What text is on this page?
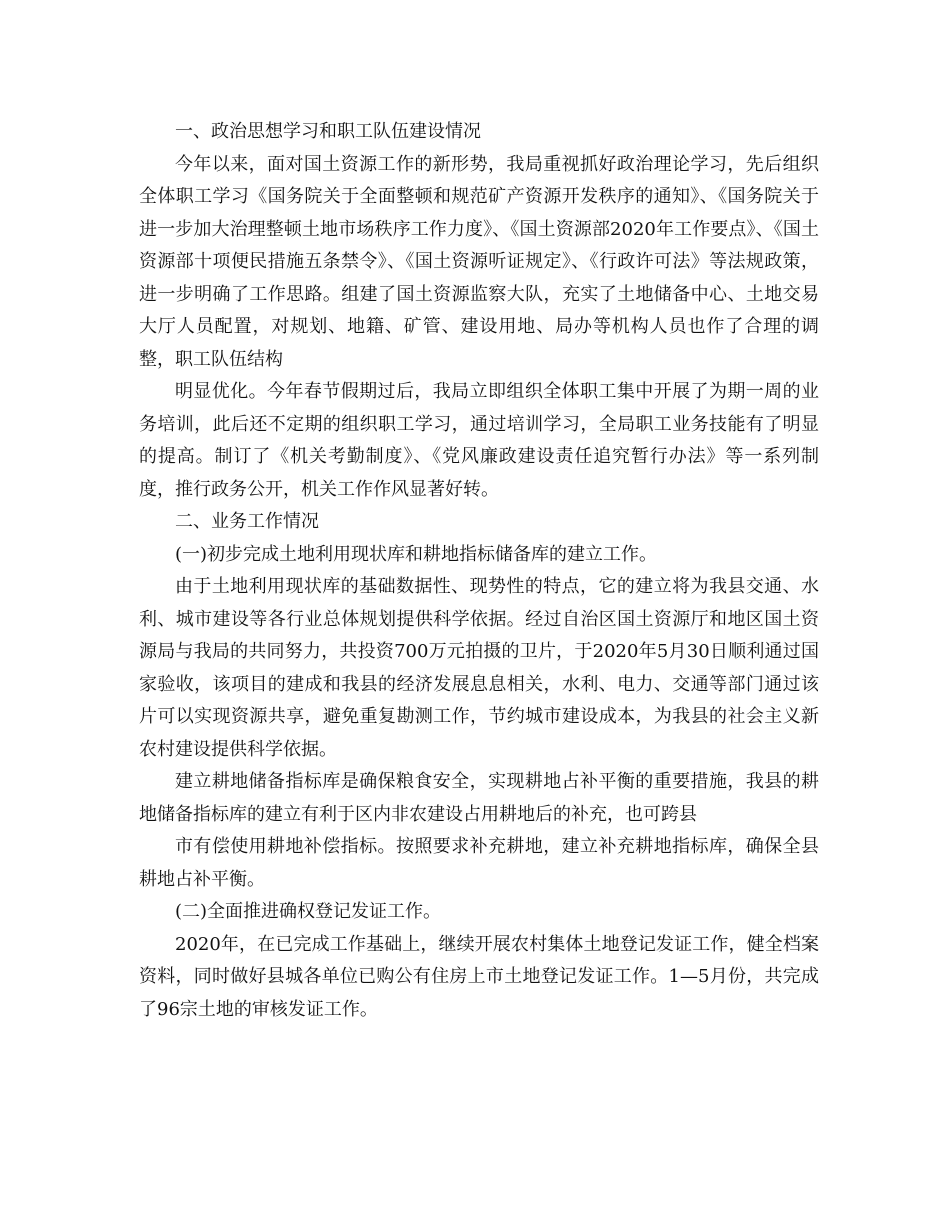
一、政治思想学习和职工队伍建设情况

今年以来，面对国土资源工作的新形势，我局重视抓好政治理论学习，先后组织全体职工学习《国务院关于全面整顿和规范矿产资源开发秩序的通知》、《国务院关于进一步加大治理整顿土地市场秩序工作力度》、《国土资源部2020年工作要点》、《国土资源部十项便民措施五条禁令》、《国土资源听证规定》、《行政许可法》等法规政策，进一步明确了工作思路。组建了国土资源监察大队，充实了土地储备中心、土地交易大厅人员配置，对规划、地籍、矿管、建设用地、局办等机构人员也作了合理的调整，职工队伍结构

明显优化。今年春节假期过后，我局立即组织全体职工集中开展了为期一周的业务培训，此后还不定期的组织职工学习，通过培训学习，全局职工业务技能有了明显的提高。制订了《机关考勤制度》、《党风廉政建设责任追究暂行办法》等一系列制度，推行政务公开，机关工作作风显著好转。

二、业务工作情况

(一)初步完成土地利用现状库和耕地指标储备库的建立工作。

由于土地利用现状库的基础数据性、现势性的特点，它的建立将为我县交通、水利、城市建设等各行业总体规划提供科学依据。经过自治区国土资源厅和地区国土资源局与我局的共同努力，共投资700万元拍摄的卫片，于2020年5月30日顺利通过国家验收，该项目的建成和我县的经济发展息息相关，水利、电力、交通等部门通过该片可以实现资源共享，避免重复勘测工作，节约城市建设成本，为我县的社会主义新农村建设提供科学依据。

建立耕地储备指标库是确保粮食安全，实现耕地占补平衡的重要措施，我县的耕地储备指标库的建立有利于区内非农建设占用耕地后的补充，也可跨县

市有偿使用耕地补偿指标。按照要求补充耕地，建立补充耕地指标库，确保全县耕地占补平衡。

(二)全面推进确权登记发证工作。

2020年，在已完成工作基础上，继续开展农村集体土地登记发证工作，健全档案资料，同时做好县城各单位已购公有住房上市土地登记发证工作。1—5月份，共完成了96宗土地的审核发证工作。
